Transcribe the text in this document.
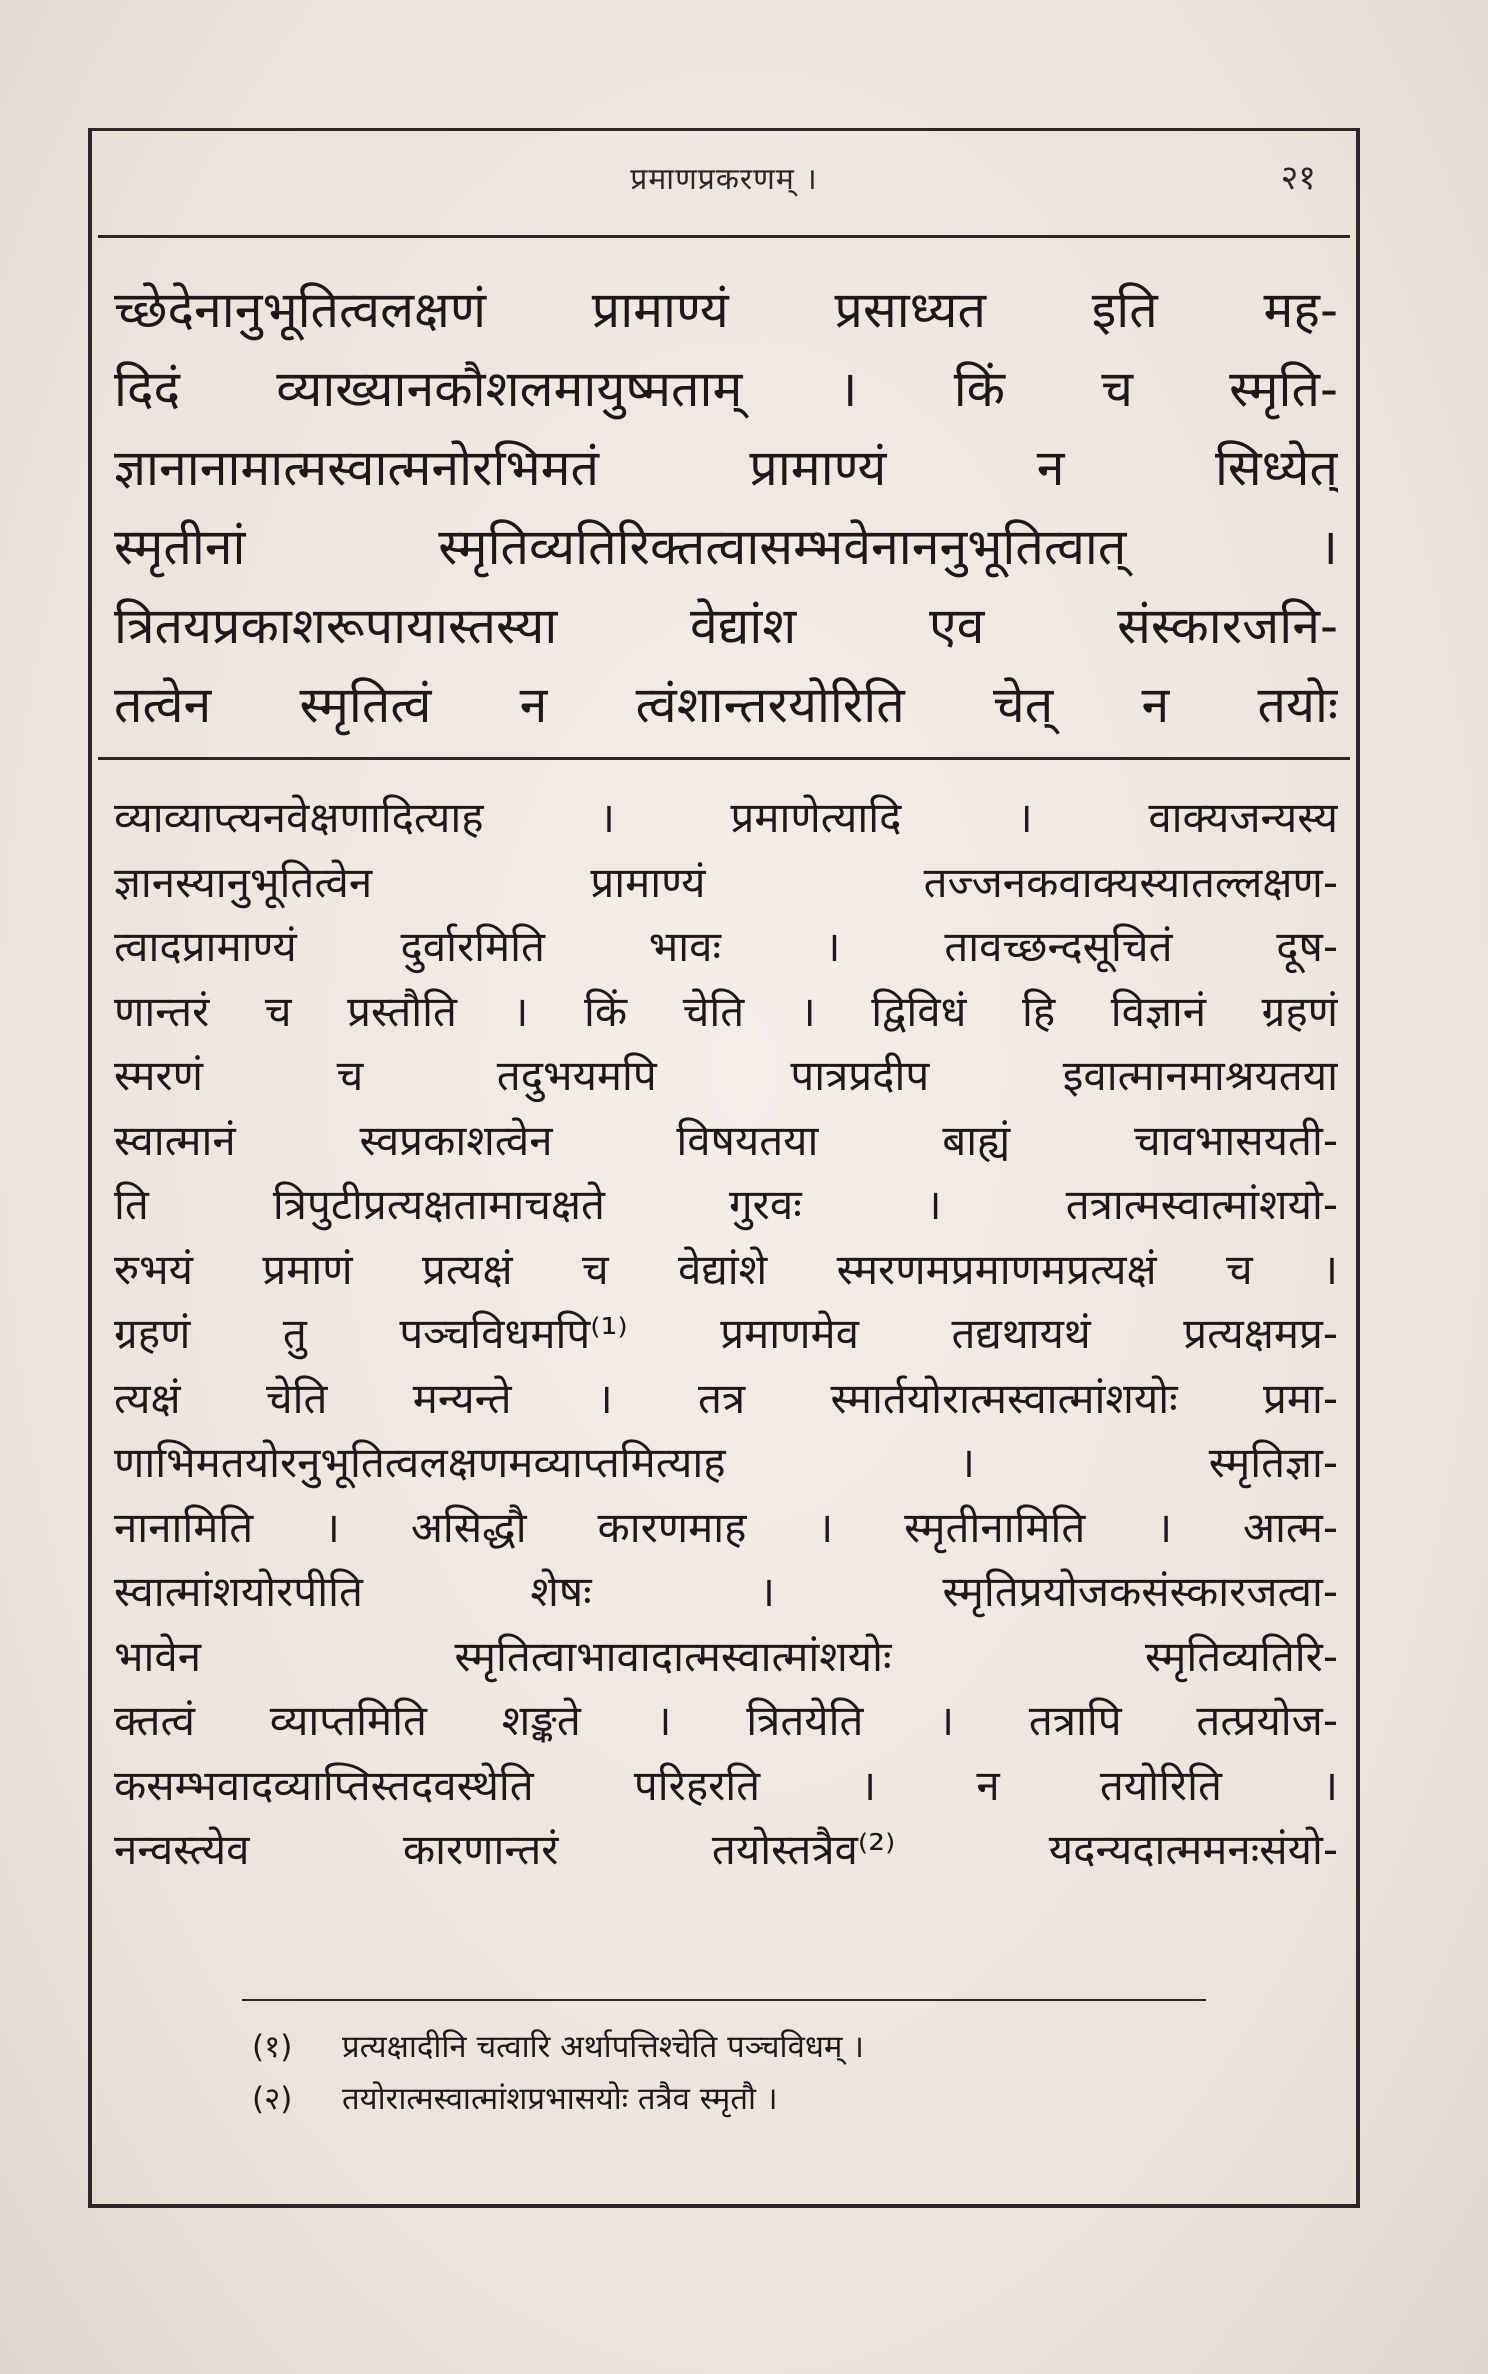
प्रमाणप्रकरणम् ।	२१
च्छेदेनानुभूतित्वलक्षणं प्रामाण्यं प्रसाध्यत इति मह-
दिदं व्याख्यानकौशलमायुष्मताम् । किं च स्मृति-
ज्ञानानामात्मस्वात्मनोरभिमतं प्रामाण्यं न सिध्येत्
स्मृतीनां स्मृतिव्यतिरिक्तत्वासम्भवेनाननुभूतित्वात् ।
त्रितयप्रकाशरूपायास्तस्या वेद्यांश एव संस्कारजनि-
तत्वेन स्मृतित्वं न त्वंशान्तरयोरिति चेत् न तयोः
व्याव्याप्त्यनवेक्षणादित्याह । प्रमाणेत्यादि । वाक्यजन्यस्य
ज्ञानस्यानुभूतित्वेन प्रामाण्यं तज्जनकवाक्यस्यातल्लक्षण-
त्वादप्रामाण्यं दुर्वारमिति भावः । तावच्छन्दसूचितं दूष-
णान्तरं च प्रस्तौति । किं चेति । द्विविधं हि विज्ञानं ग्रहणं
स्मरणं च तदुभयमपि पात्रप्रदीप इवात्मानमाश्रयतया
स्वात्मानं स्वप्रकाशत्वेन विषयतया बाह्यं चावभासयती-
ति त्रिपुटीप्रत्यक्षतामाचक्षते गुरवः । तत्रात्मस्वात्मांशयो-
रुभयं प्रमाणं प्रत्यक्षं च वेद्यांशे स्मरणमप्रमाणमप्रत्यक्षं च ।
ग्रहणं तु पञ्चविधमपि⁽¹⁾ प्रमाणमेव तद्यथायथं प्रत्यक्षमप्र-
त्यक्षं चेति मन्यन्ते । तत्र स्मार्तयोरात्मस्वात्मांशयोः प्रमा-
णाभिमतयोरनुभूतित्वलक्षणमव्याप्तमित्याह । स्मृतिज्ञा-
नानामिति । असिद्धौ कारणमाह । स्मृतीनामिति । आत्म-
स्वात्मांशयोरपीति शेषः । स्मृतिप्रयोजकसंस्कारजत्वा-
भावेन स्मृतित्वाभावादात्मस्वात्मांशयोः स्मृतिव्यतिरि-
क्तत्वं व्याप्तमिति शङ्कते । त्रितयेति । तत्रापि तत्प्रयोज-
कसम्भवादव्याप्तिस्तदवस्थेति परिहरति । न तयोरिति ।
नन्वस्त्येव कारणान्तरं तयोस्तत्रैव⁽²⁾ यदन्यदात्ममनःसंयो-
(१) प्रत्यक्षादीनि चत्वारि अर्थापत्तिश्चेति पञ्चविधम् ।
(२) तयोरात्मस्वात्मांशप्रभासयोः तत्रैव स्मृतौ ।
